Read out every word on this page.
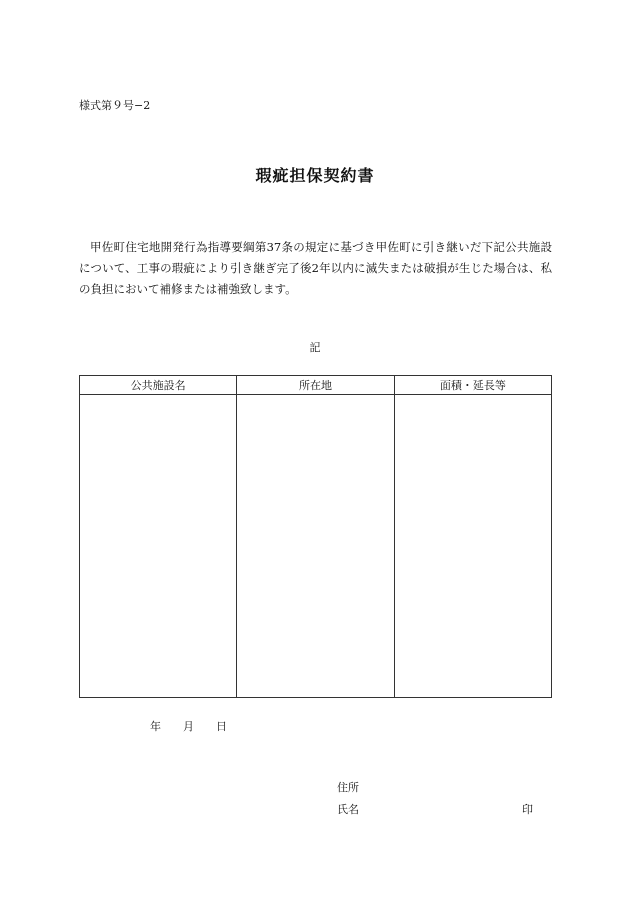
様式第９号−2
瑕疵担保契約書
甲佐町住宅地開発行為指導要綱第37条の規定に基づき甲佐町に引き継いだ下記公共施設について、工事の瑕疵により引き継ぎ完了後2年以内に滅失または破損が生じた場合は、私の負担において補修または補強致します。
記
公共施設名	所在地	面積・延長等

年 月 日
住所
氏名	印
